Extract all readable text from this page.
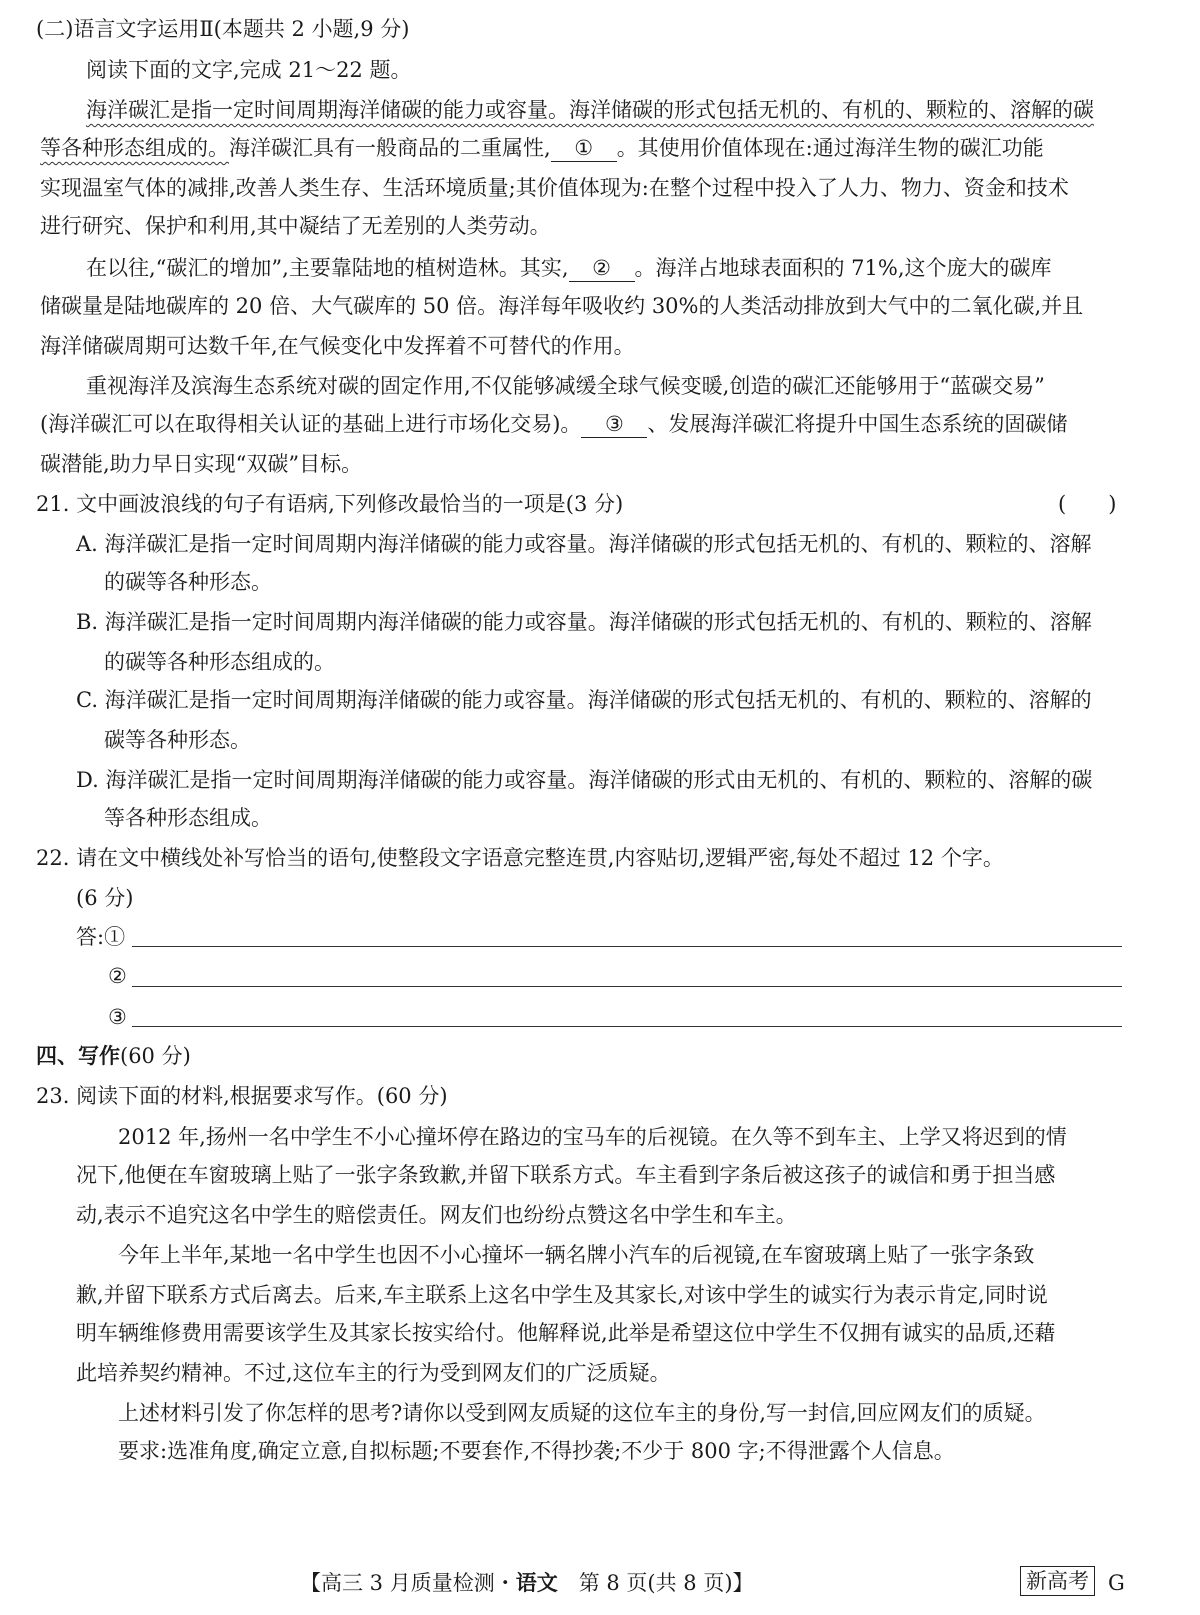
(二)语言文字运用Ⅱ(本题共 2 小题,9 分)
阅读下面的文字,完成 21～22 题。
海洋碳汇是指一定时间周期海洋储碳的能力或容量。海洋储碳的形式包括无机的、有机的、颗粒的、溶解的碳
等各种形态组成的。海洋碳汇具有一般商品的二重属性, ① 。其使用价值体现在:通过海洋生物的碳汇功能
实现温室气体的减排,改善人类生存、生活环境质量;其价值体现为:在整个过程中投入了人力、物力、资金和技术
进行研究、保护和利用,其中凝结了无差别的人类劳动。
在以往,“碳汇的增加”,主要靠陆地的植树造林。其实, ② 。海洋占地球表面积的 71%,这个庞大的碳库
储碳量是陆地碳库的 20 倍、大气碳库的 50 倍。海洋每年吸收约 30%的人类活动排放到大气中的二氧化碳,并且
海洋储碳周期可达数千年,在气候变化中发挥着不可替代的作用。
重视海洋及滨海生态系统对碳的固定作用,不仅能够减缓全球气候变暖,创造的碳汇还能够用于“蓝碳交易”
(海洋碳汇可以在取得相关认证的基础上进行市场化交易)。 ③ 、发展海洋碳汇将提升中国生态系统的固碳储
碳潜能,助力早日实现“双碳”目标。
21. 文中画波浪线的句子有语病,下列修改最恰当的一项是(3 分)	(　　)
A. 海洋碳汇是指一定时间周期内海洋储碳的能力或容量。海洋储碳的形式包括无机的、有机的、颗粒的、溶解
的碳等各种形态。
B. 海洋碳汇是指一定时间周期内海洋储碳的能力或容量。海洋储碳的形式包括无机的、有机的、颗粒的、溶解
的碳等各种形态组成的。
C. 海洋碳汇是指一定时间周期海洋储碳的能力或容量。海洋储碳的形式包括无机的、有机的、颗粒的、溶解的
碳等各种形态。
D. 海洋碳汇是指一定时间周期海洋储碳的能力或容量。海洋储碳的形式由无机的、有机的、颗粒的、溶解的碳
等各种形态组成。
22. 请在文中横线处补写恰当的语句,使整段文字语意完整连贯,内容贴切,逻辑严密,每处不超过 12 个字。
(6 分)
答:①
②
③
四、写作(60 分)
23. 阅读下面的材料,根据要求写作。(60 分)
2012 年,扬州一名中学生不小心撞坏停在路边的宝马车的后视镜。在久等不到车主、上学又将迟到的情
况下,他便在车窗玻璃上贴了一张字条致歉,并留下联系方式。车主看到字条后被这孩子的诚信和勇于担当感
动,表示不追究这名中学生的赔偿责任。网友们也纷纷点赞这名中学生和车主。
今年上半年,某地一名中学生也因不小心撞坏一辆名牌小汽车的后视镜,在车窗玻璃上贴了一张字条致
歉,并留下联系方式后离去。后来,车主联系上这名中学生及其家长,对该中学生的诚实行为表示肯定,同时说
明车辆维修费用需要该学生及其家长按实给付。他解释说,此举是希望这位中学生不仅拥有诚实的品质,还藉
此培养契约精神。不过,这位车主的行为受到网友们的广泛质疑。
上述材料引发了你怎样的思考?请你以受到网友质疑的这位车主的身份,写一封信,回应网友们的质疑。
要求:选准角度,确定立意,自拟标题;不要套作,不得抄袭;不少于 800 字;不得泄露个人信息。
【高三 3 月质量检测・语文　第 8 页(共 8 页)】	新高考 G
